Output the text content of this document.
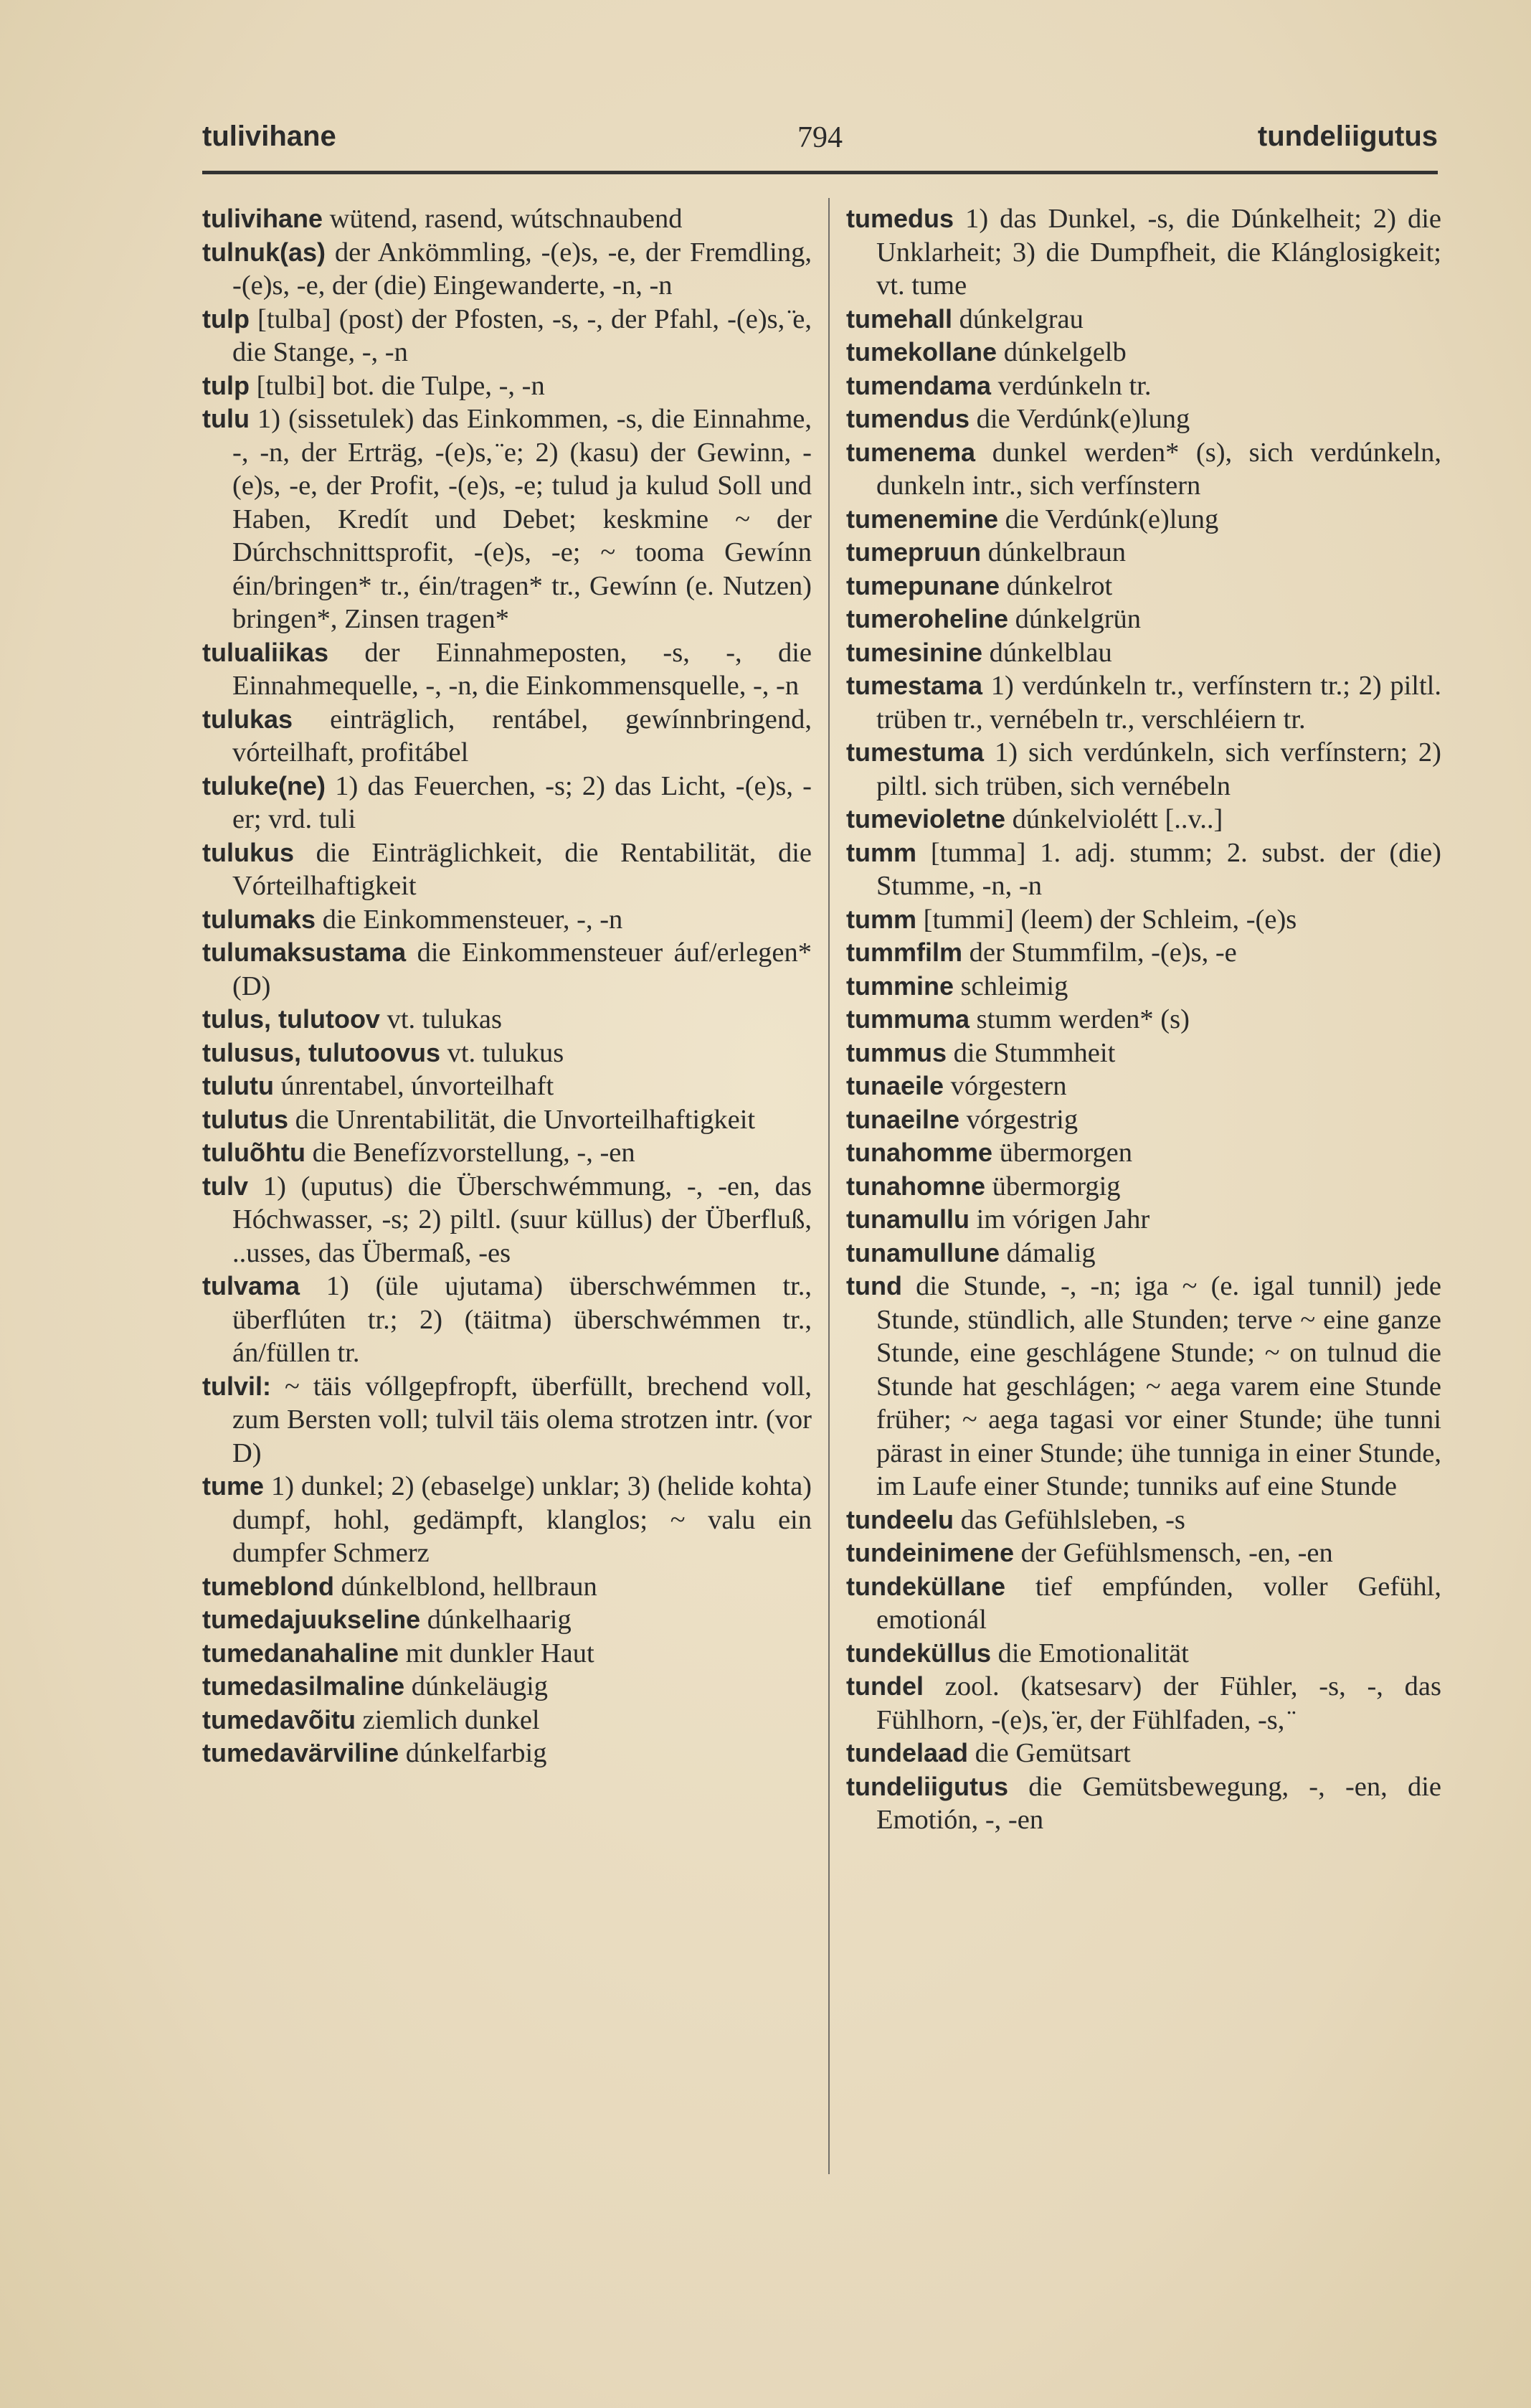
tulivihane	794	tundeliigutus

tulivihane wütend, rasend, wútschnaubend

tulnuk(as) der Ankömmling, -(e)s, -e, der Fremdling, -(e)s, -e, der (die) Eingewanderte, -n, -n

tulp [tulba] (post) der Pfosten, -s, -, der Pfahl, -(e)s, ̈e, die Stange, -, -n

tulp [tulbi] bot. die Tulpe, -, -n

tulu 1) (sissetulek) das Einkommen, -s, die Einnahme, -, -n, der Erträg, -(e)s, ̈e; 2) (kasu) der Gewinn, -(e)s, -e, der Profit, -(e)s, -e; tulud ja kulud Soll und Haben, Kredít und Debet; keskmine ~ der Dúrchschnittsprofit, -(e)s, -e; ~ tooma Gewínn éin/bringen* tr., éin/tragen* tr., Gewínn (e. Nutzen) bringen*, Zinsen tragen*

tulualiikas der Einnahmeposten, -s, -, die Einnahmequelle, -, -n, die Einkommensquelle, -, -n

tulukas einträglich, rentábel, gewínnbringend, vórteilhaft, profitábel

tuluke(ne) 1) das Feuerchen, -s; 2) das Licht, -(e)s, -er; vrd. tuli

tulukus die Einträglichkeit, die Rentabilität, die Vórteilhaftigkeit

tulumaks die Einkommensteuer, -, -n

tulumaksustama die Einkommensteuer áuf/erlegen* (D)

tulus, tulutoov vt. tulukas

tulusus, tulutoovus vt. tulukus

tulutu únrentabel, únvorteilhaft

tulutus die Unrentabilität, die Unvorteilhaftigkeit

tuluõhtu die Benefízvorstellung, -, -en

tulv 1) (uputus) die Überschwémmung, -, -en, das Hóchwasser, -s; 2) piltl. (suur küllus) der Überfluß, ..usses, das Übermaß, -es

tulvama 1) (üle ujutama) überschwémmen tr., überflúten tr.; 2) (täitma) überschwémmen tr., án/füllen tr.

tulvil: ~ täis vóllgepfropft, überfüllt, brechend voll, zum Bersten voll; tulvil täis olema strotzen intr. (vor D)

tume 1) dunkel; 2) (ebaselge) unklar; 3) (helide kohta) dumpf, hohl, gedämpft, klanglos; ~ valu ein dumpfer Schmerz

tumeblond dúnkelblond, hellbraun

tumedajuukseline dúnkelhaarig

tumedanahaline mit dunkler Haut

tumedasilmaline dúnkeläugig

tumedavõitu ziemlich dunkel

tumedavärviline dúnkelfarbig

tumedus 1) das Dunkel, -s, die Dúnkelheit; 2) die Unklarheit; 3) die Dumpfheit, die Klánglosigkeit; vt. tume

tumehall dúnkelgrau

tumekollane dúnkelgelb

tumendama verdúnkeln tr.

tumendus die Verdúnk(e)lung

tumenema dunkel werden* (s), sich verdúnkeln, dunkeln intr., sich verfínstern

tumenemine die Verdúnk(e)lung

tumepruun dúnkelbraun

tumepunane dúnkelrot

tumeroheline dúnkelgrün

tumesinine dúnkelblau

tumestama 1) verdúnkeln tr., verfínstern tr.; 2) piltl. trüben tr., vernébeln tr., verschléiern tr.

tumestuma 1) sich verdúnkeln, sich verfínstern; 2) piltl. sich trüben, sich vernébeln

tumevioletne dúnkelviolétt [..v..]

tumm [tumma] 1. adj. stumm; 2. subst. der (die) Stumme, -n, -n

tumm [tummi] (leem) der Schleim, -(e)s

tummfilm der Stummfilm, -(e)s, -e

tummine schleimig

tummuma stumm werden* (s)

tummus die Stummheit

tunaeile vórgestern

tunaeilne vórgestrig

tunahomme übermorgen

tunahomne übermorgig

tunamullu im vórigen Jahr

tunamullune dámalig

tund die Stunde, -, -n; iga ~ (e. igal tunnil) jede Stunde, stündlich, alle Stunden; terve ~ eine ganze Stunde, eine geschlágene Stunde; ~ on tulnud die Stunde hat geschlágen; ~ aega varem eine Stunde früher; ~ aega tagasi vor einer Stunde; ühe tunni pärast in einer Stunde; ühe tunniga in einer Stunde, im Laufe einer Stunde; tunniks auf eine Stunde

tundeelu das Gefühlsleben, -s

tundeinimene der Gefühlsmensch, -en, -en

tundeküllane tief empfúnden, voller Gefühl, emotionál

tundeküllus die Emotionalität

tundel zool. (katsesarv) der Fühler, -s, -, das Fühlhorn, -(e)s, ̈er, der Fühlfaden, -s, ̈

tundelaad die Gemütsart

tundeliigutus die Gemütsbewegung, -, -en, die Emotión, -, -en
